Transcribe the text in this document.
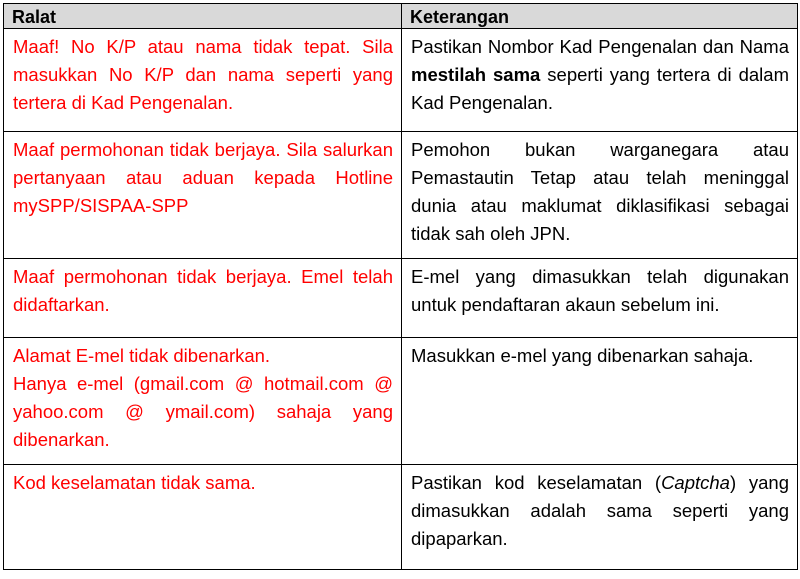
Ralat	Keterangan
Maaf! No K/P atau nama tidak tepat. Sila masukkan No K/P dan nama seperti yang tertera di Kad Pengenalan.	Pastikan Nombor Kad Pengenalan dan Nama mestilah sama seperti yang tertera di dalam Kad Pengenalan.
Maaf permohonan tidak berjaya. Sila salurkan pertanyaan atau aduan kepada Hotline mySPP/SISPAA-SPP	Pemohon bukan warganegara atau Pemastautin Tetap atau telah meninggal dunia atau maklumat diklasifikasi sebagai tidak sah oleh JPN.
Maaf permohonan tidak berjaya. Emel telah didaftarkan.	E-mel yang dimasukkan telah digunakan untuk pendaftaran akaun sebelum ini.

Alamat E-mel tidak dibenarkan.
Hanya e-mel (gmail.com @ hotmail.com @ yahoo.com @ ymail.com) sahaja yang dibenarkan.	Masukkan e-mel yang dibenarkan sahaja.
Kod keselamatan tidak sama.	Pastikan kod keselamatan (Captcha) yang dimasukkan adalah sama seperti yang dipaparkan.
